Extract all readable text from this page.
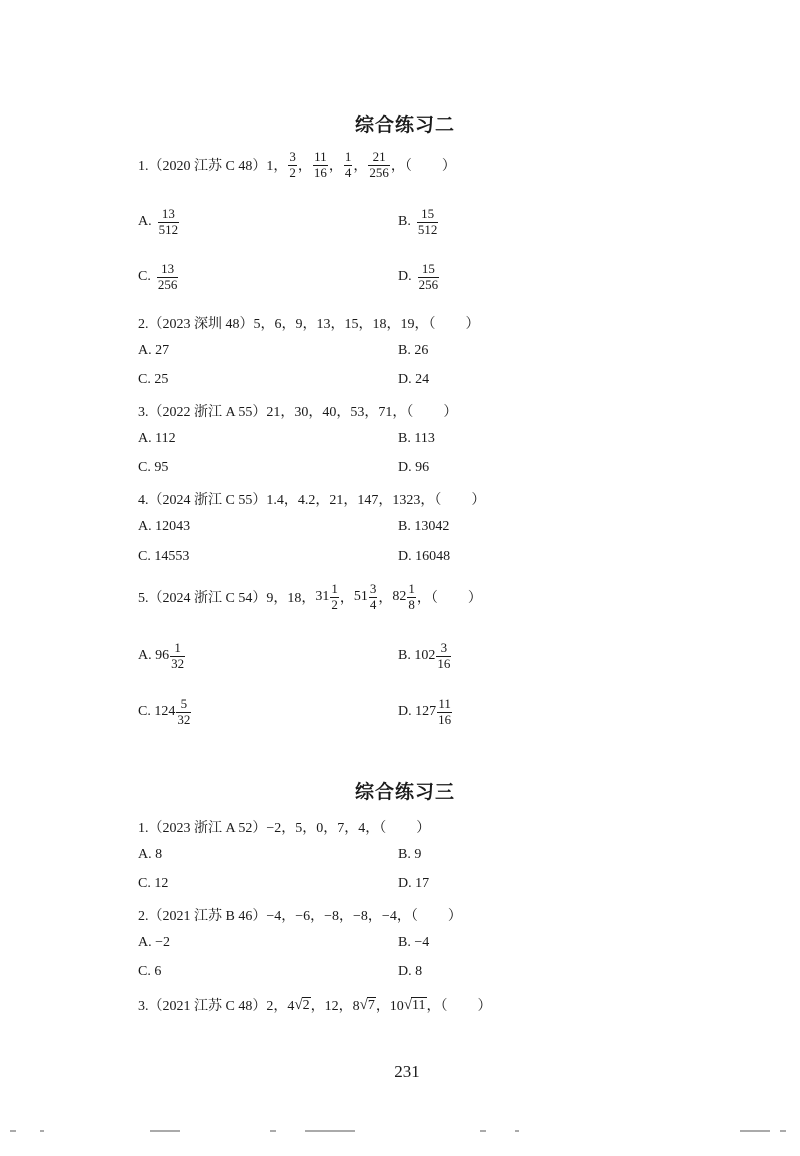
综合练习二
1.（2020 江苏 C 48）1， $\frac{3}{2}$ ， $\frac{11}{16}$ ， $\frac{1}{4}$ ， $\frac{21}{256}$ ，（ ）
A. $\frac{13}{512}$	B. $\frac{15}{512}$
C. $\frac{13}{256}$	D. $\frac{15}{256}$
2.（2023 深圳 48）5，6，9，13，15，18，19，（ ）
A. 27	B. 26
C. 25	D. 24
3.（2022 浙江 A 55）21，30，40，53，71，（ ）
A. 112	B. 113
C. 95	D. 96
4.（2024 浙江 C 55）1.4，4.2，21，147，1323，（ ）
A. 12043	B. 13042
C. 14553	D. 16048
5.（2024 浙江 C 54）9，18， $31 \frac{1}{2}$ ， $51 \frac{3}{4}$ ， $82 \frac{1}{8}$ ，（ ）
A. $96 \frac{1}{32}$	B. $102 \frac{3}{16}$
C. $124 \frac{5}{32}$	D. $127 \frac{11}{16}$
综合练习三
1.（2023 浙江 A 52）−2，5，0，7，4，（ ）
A. 8	B. 9
C. 12	D. 17
2.（2021 江苏 B 46）−4，−6，−8，−8，−4，（ ）
A. −2	B. −4
C. 6	D. 8
3.（2021 江苏 C 48）2，4 √ 2 ，12，8 √ 7 ，10 √ 11 ，（ ）
231
